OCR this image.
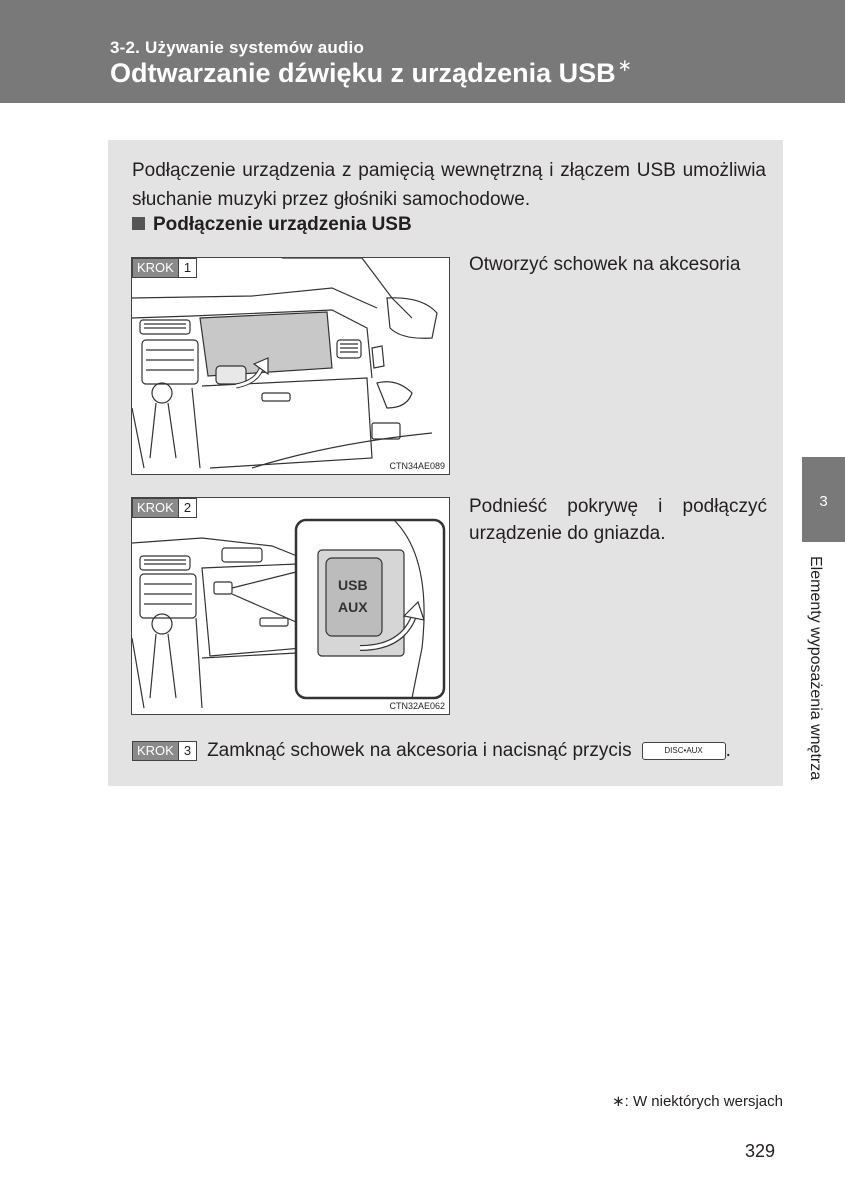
3-2. Używanie systemów audio
Odtwarzanie dźwięku z urządzenia USB ∗
Podłączenie urządzenia z pamięcią wewnętrzną i złączem USB umożliwia słuchanie muzyki przez głośniki samochodowe.
Podłączenie urządzenia USB
KROK 1
CTN34AE089
Otworzyć schowek na akcesoria
USB
AUX
KROK 2
CTN32AE062
Podnieść pokrywę i podłączyć urządzenie do gniazda.
KROK 3 Zamknąć schowek na akcesoria i nacisnąć przycis	DISC•AUX	.
3
Elementy wyposażenia wnętrza
∗: W niektórych wersjach
329
